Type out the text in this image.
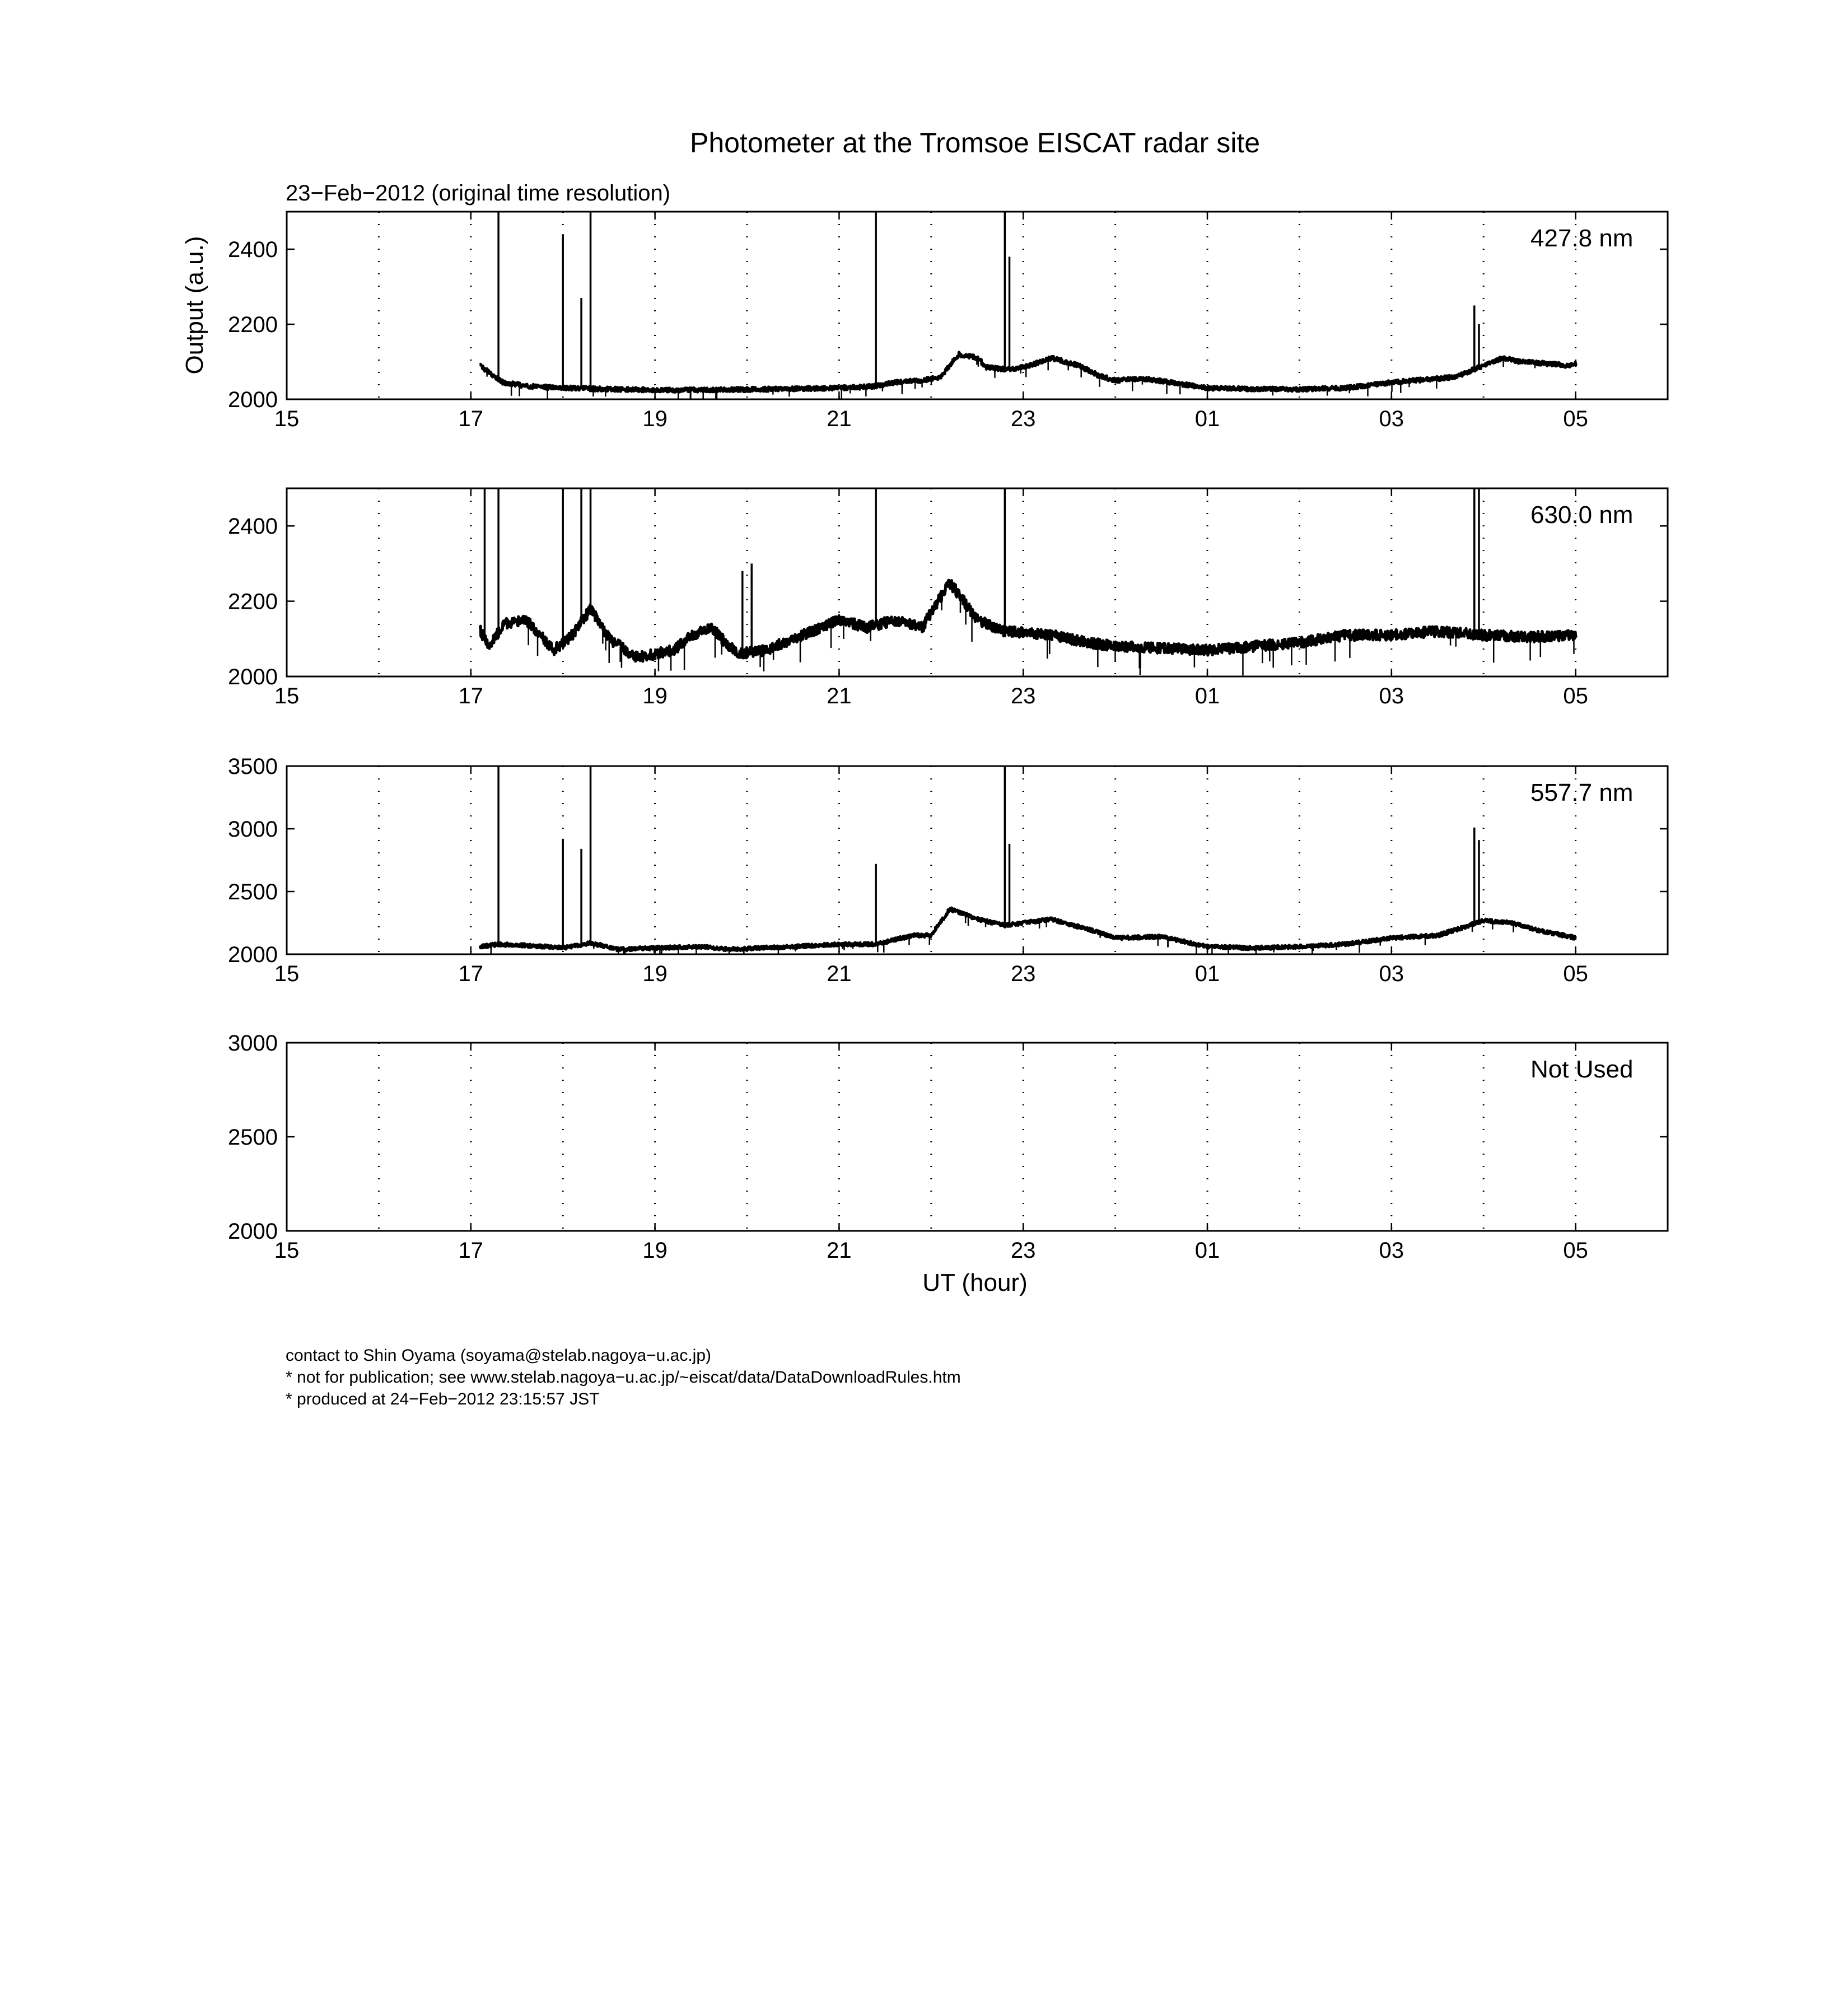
Photometer at the Tromsoe EISCAT radar site
23−Feb−2012 (original time resolution)
Output (a.u.)
UT (hour)
15	17	19	21	23	01	03	05
2000
2200
2400	427.8 nm
15	17	19	21	23	01	03	05
2000
2200
2400	630.0 nm
15	17	19	21	23	01	03	05
2000
2500
3000
3500
557.7 nm
15	17	19	21	23	01	03	05
2000
2500
3000
Not Used
contact to Shin Oyama (soyama@stelab.nagoya−u.ac.jp)
* not for publication; see www.stelab.nagoya−u.ac.jp/~eiscat/data/DataDownloadRules.htm
* produced at 24−Feb−2012 23:15:57 JST
